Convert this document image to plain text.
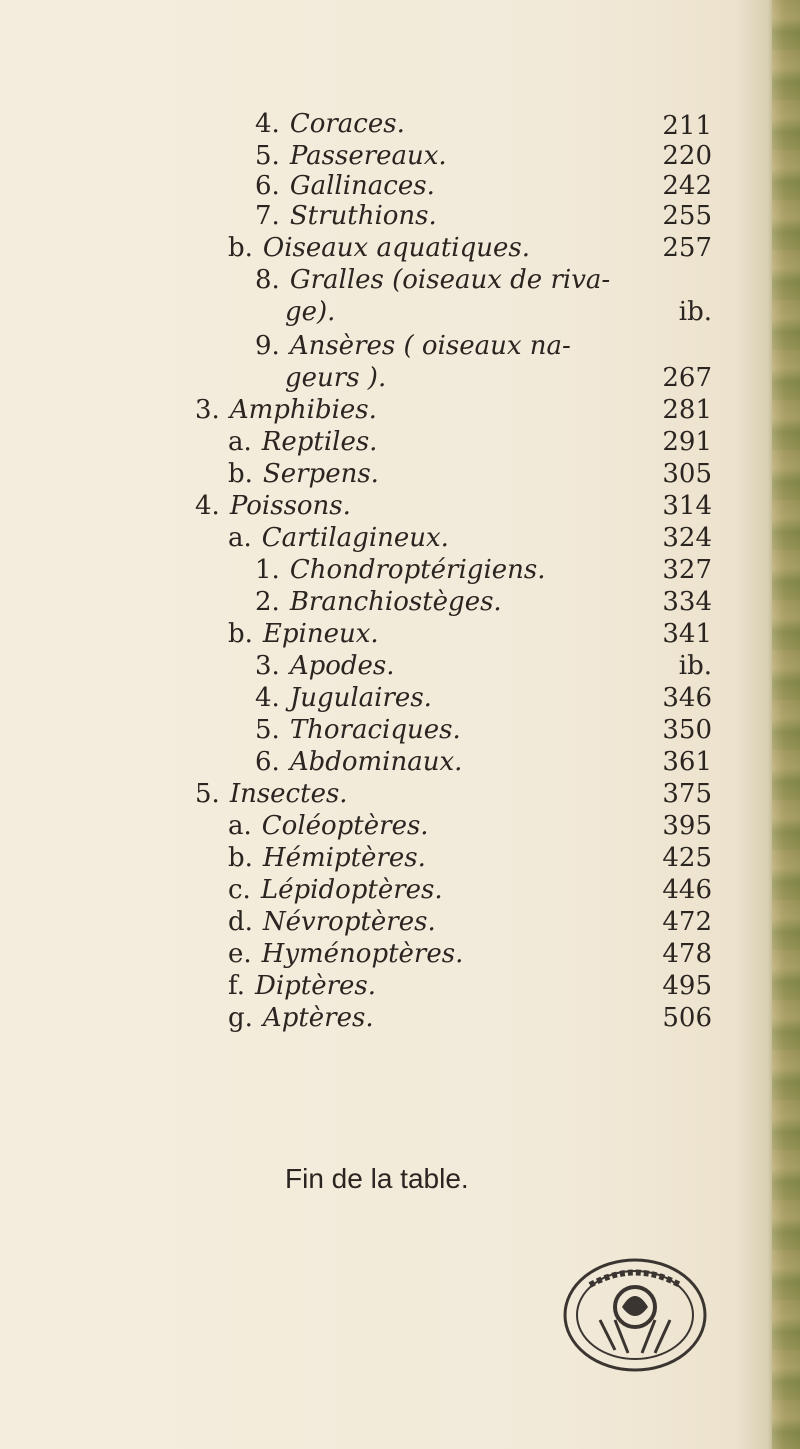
4. Coraces.	211
5. Passereaux.	220
6. Gallinaces.	242
7. Struthions.	255
b. Oiseaux aquatiques.	257
8. Gralles (oiseaux de riva-
ge).	ib.
9. Ansères ( oiseaux na-
geurs ).	267
3. Amphibies.	281
a. Reptiles.	291
b. Serpens.	305
4. Poissons.	314
a. Cartilagineux.	324
1. Chondroptérigiens.	327
2. Branchiostèges.	334
b. Epineux.	341
3. Apodes.	ib.
4. Jugulaires.	346
5. Thoraciques.	350
6. Abdominaux.	361
5. Insectes.	375
a. Coléoptères.	395
b. Hémiptères.	425
c. Lépidoptères.	446
d. Névroptères.	472
e. Hyménoptères.	478
f. Diptères.	495
g. Aptères.	506
Fin de la table.
